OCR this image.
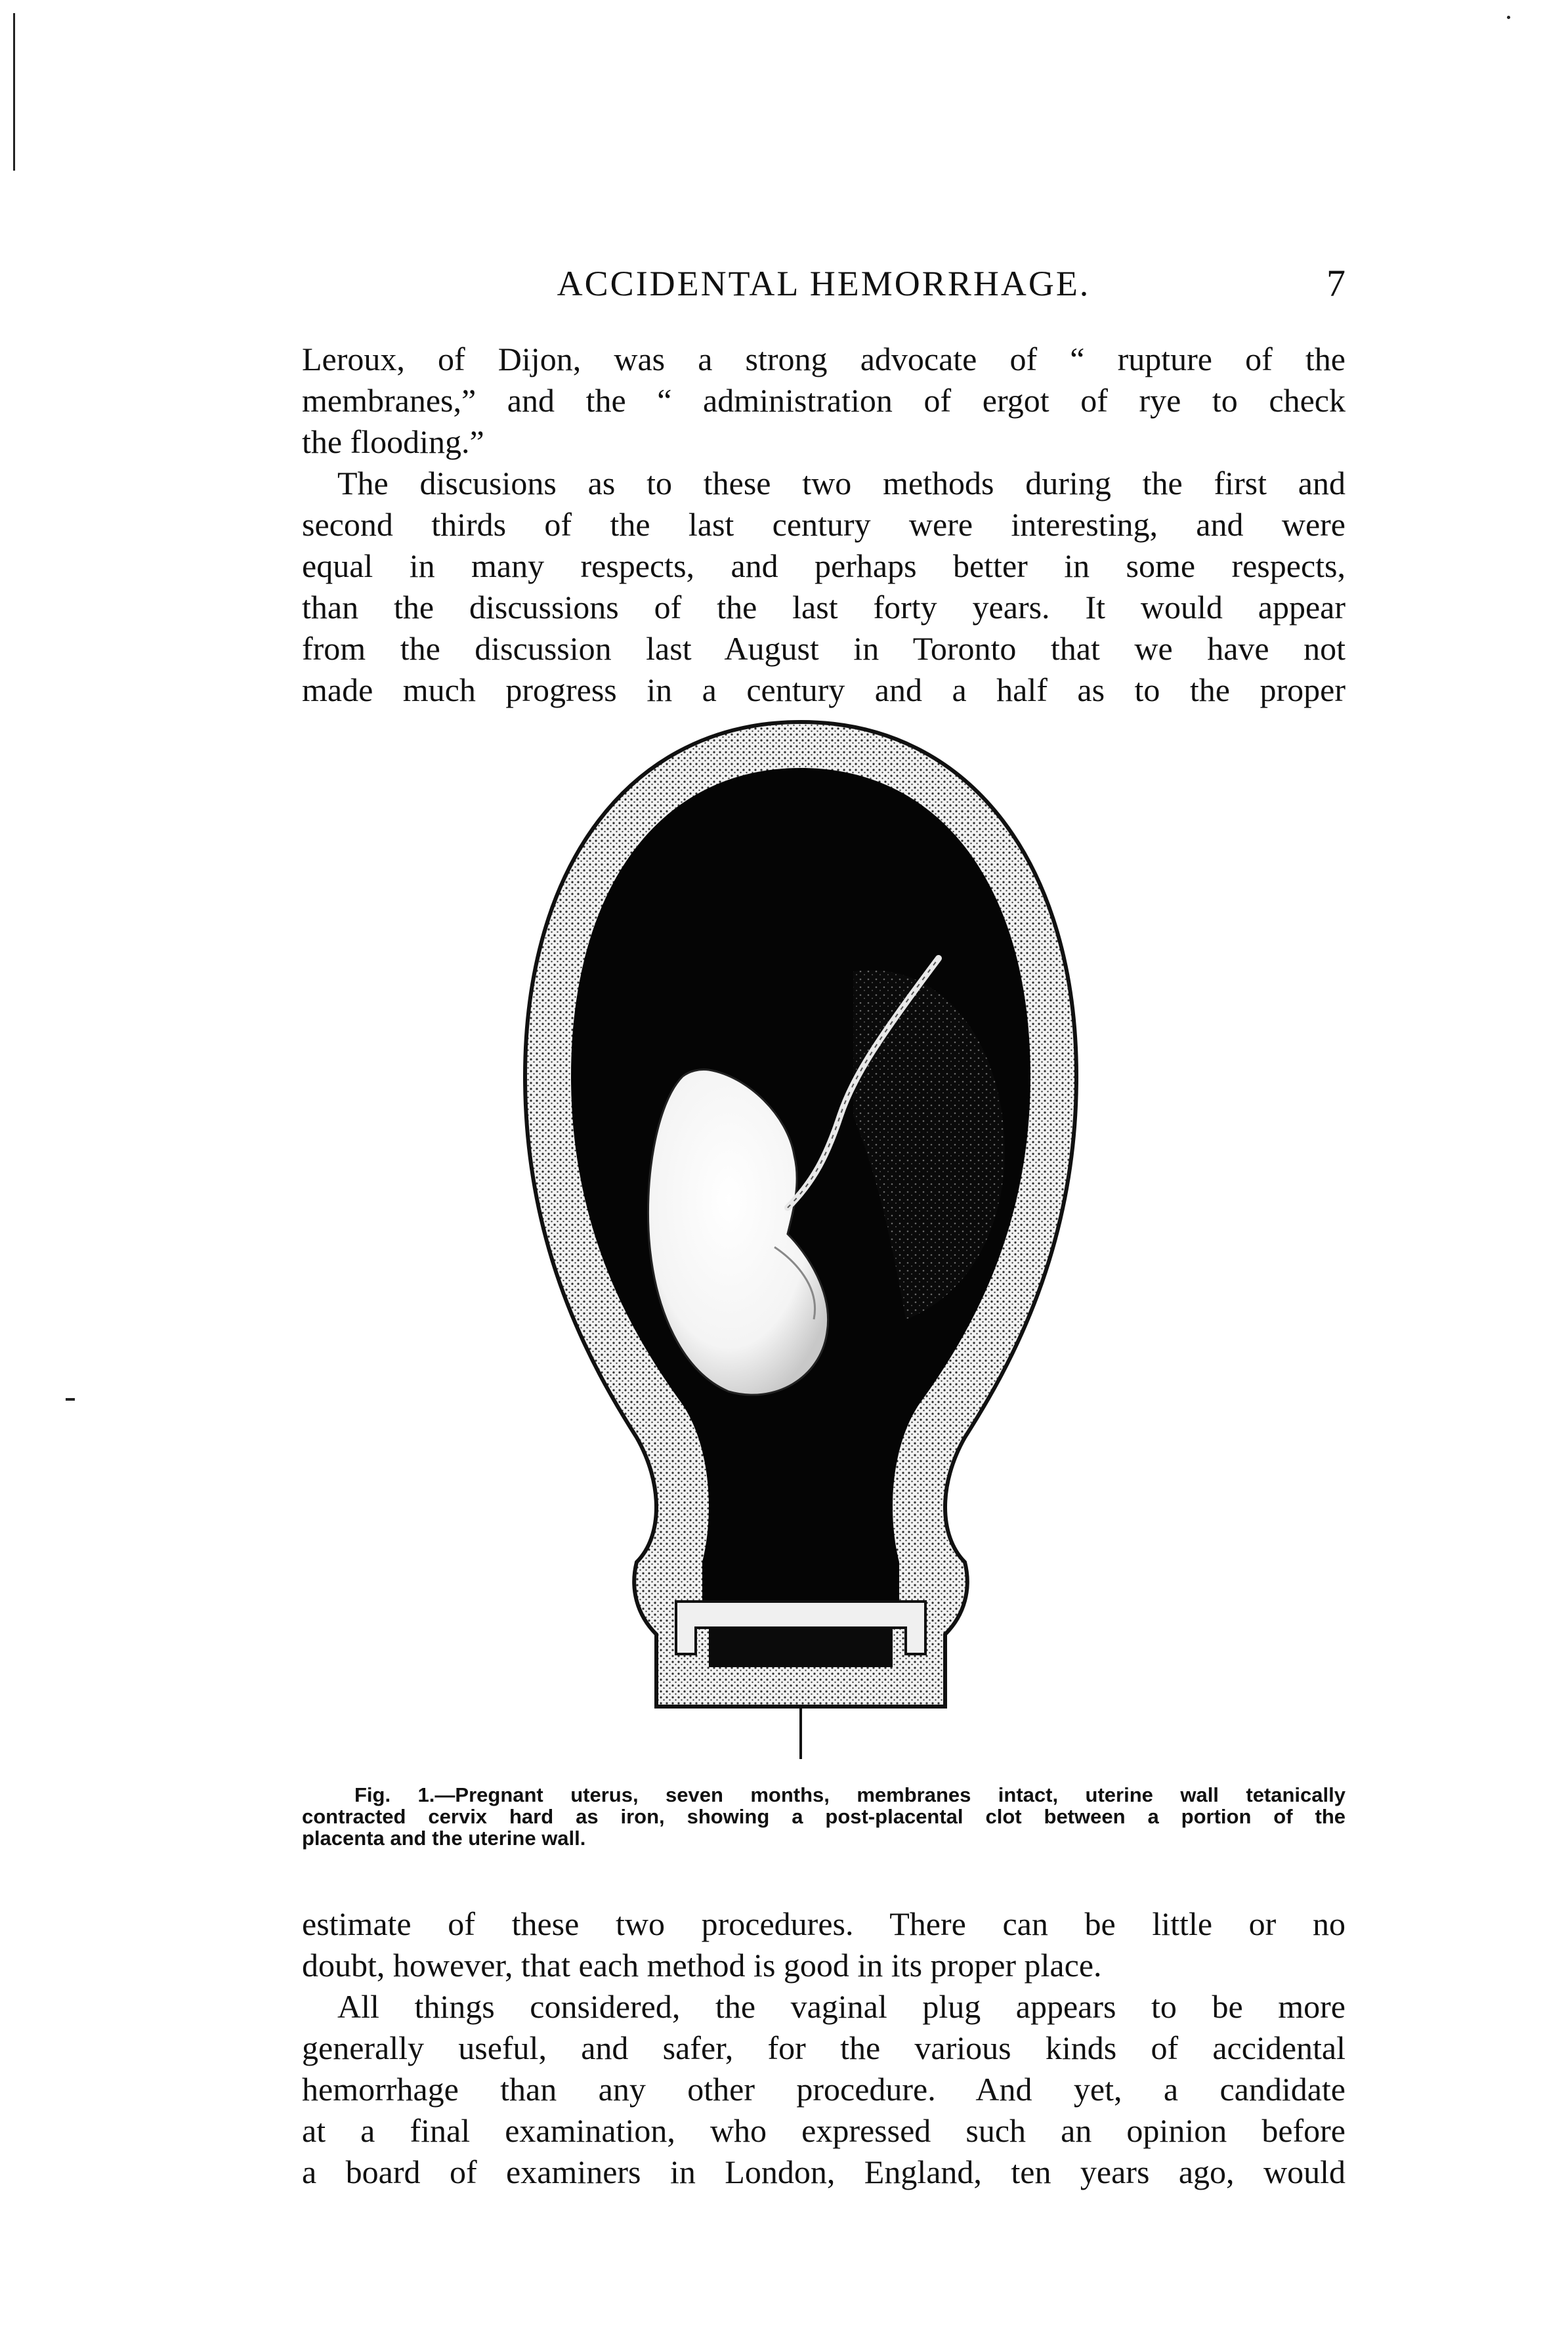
ACCIDENTAL HEMORRHAGE.	7
Leroux, of Dijon, was a strong advocate of “ rupture of the
membranes,” and the “ administration of ergot of rye to check
the flooding.”
The discusions as to these two methods during the first and
second thirds of the last century were interesting, and were
equal in many respects, and perhaps better in some respects,
than the discussions of the last forty years. It would appear
from the discussion last August in Toronto that we have not
made much progress in a century and a half as to the proper
Fig. 1.—Pregnant uterus, seven months, membranes intact, uterine wall tetanically
contracted cervix hard as iron, showing a post-placental clot between a portion of the
placenta and the uterine wall.
estimate of these two procedures. There can be little or no
doubt, however, that each method is good in its proper place.
All things considered, the vaginal plug appears to be more
generally useful, and safer, for the various kinds of accidental
hemorrhage than any other procedure. And yet, a candidate
at a final examination, who expressed such an opinion before
a board of examiners in London, England, ten years ago, would
